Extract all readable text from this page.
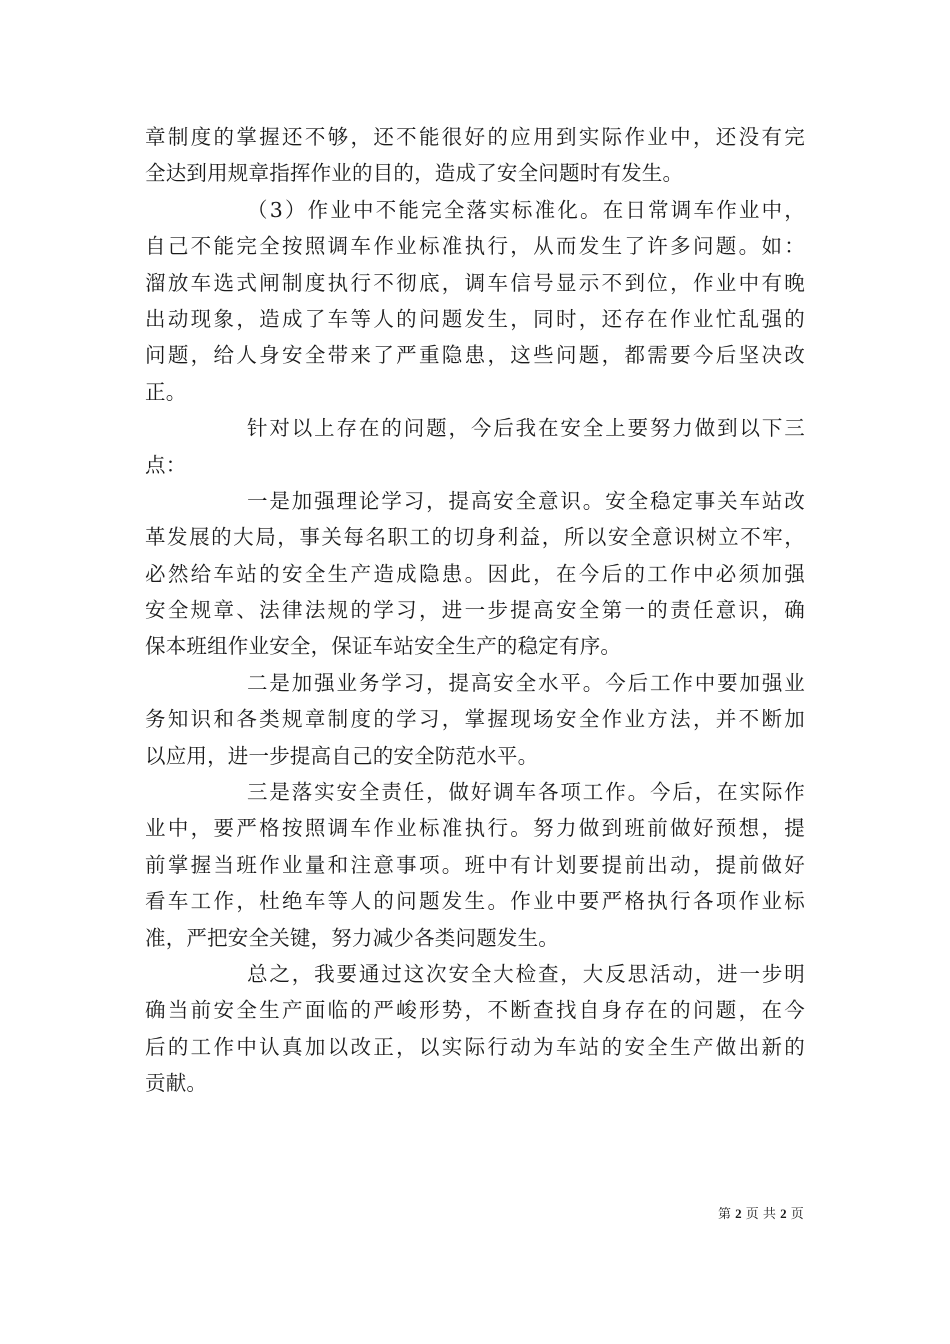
章制度的掌握还不够，还不能很好的应用到实际作业中，还没有完
全达到用规章指挥作业的目的，造成了安全问题时有发生。
（3）作业中不能完全落实标准化。在日常调车作业中，
自己不能完全按照调车作业标准执行，从而发生了许多问题。如：
溜放车选式闸制度执行不彻底，调车信号显示不到位，作业中有晚
出动现象，造成了车等人的问题发生，同时，还存在作业忙乱强的
问题，给人身安全带来了严重隐患，这些问题，都需要今后坚决改
正。
针对以上存在的问题，今后我在安全上要努力做到以下三
点：
一是加强理论学习，提高安全意识。安全稳定事关车站改
革发展的大局，事关每名职工的切身利益，所以安全意识树立不牢，
必然给车站的安全生产造成隐患。因此，在今后的工作中必须加强
安全规章、法律法规的学习，进一步提高安全第一的责任意识，确
保本班组作业安全，保证车站安全生产的稳定有序。
二是加强业务学习，提高安全水平。今后工作中要加强业
务知识和各类规章制度的学习，掌握现场安全作业方法，并不断加
以应用，进一步提高自己的安全防范水平。
三是落实安全责任，做好调车各项工作。今后，在实际作
业中，要严格按照调车作业标准执行。努力做到班前做好预想，提
前掌握当班作业量和注意事项。班中有计划要提前出动，提前做好
看车工作，杜绝车等人的问题发生。作业中要严格执行各项作业标
准，严把安全关键，努力减少各类问题发生。
总之，我要通过这次安全大检查，大反思活动，进一步明
确当前安全生产面临的严峻形势，不断查找自身存在的问题，在今
后的工作中认真加以改正，以实际行动为车站的安全生产做出新的
贡献。
第 2 页 共 2 页
